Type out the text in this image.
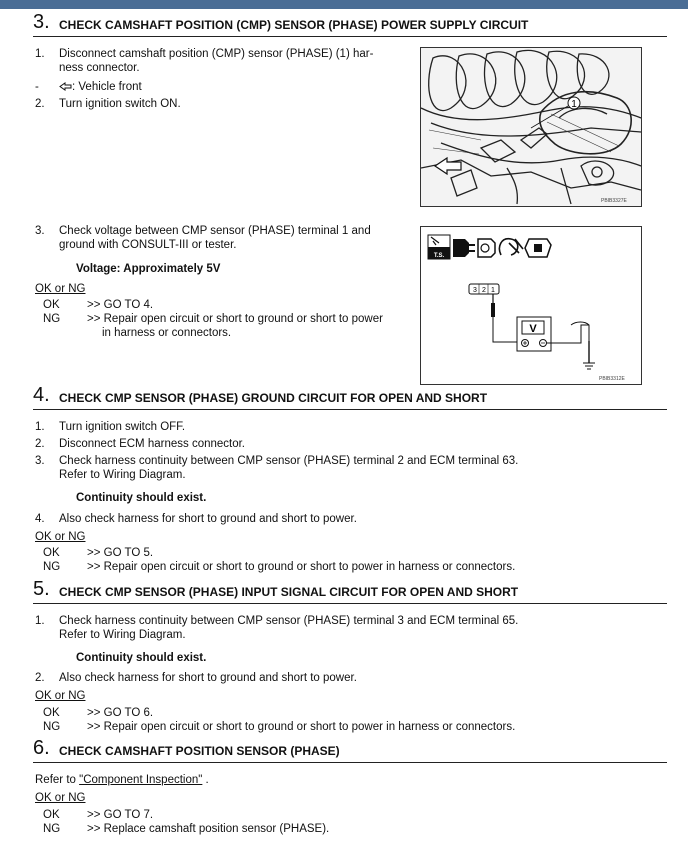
3. CHECK CAMSHAFT POSITION (CMP) SENSOR (PHASE) POWER SUPPLY CIRCUIT
1. Disconnect camshaft position (CMP) sensor (PHASE) (1) har-
ness connector.
-	: Vehicle front
2. Turn ignition switch ON.	1
PBIB3327E
3. Check voltage between CMP sensor (PHASE) terminal 1 and
ground with CONSULT-III or tester.
Voltage: Approximately 5V
OK or NG
OK >> GO TO 4.
NG >> Repair open circuit or short to ground or short to power
in harness or connectors.
T.S.
3 2 1
V
PBIB3312E
4. CHECK CMP SENSOR (PHASE) GROUND CIRCUIT FOR OPEN AND SHORT
1. Turn ignition switch OFF.
2. Disconnect ECM harness connector.
3. Check harness continuity between CMP sensor (PHASE) terminal 2 and ECM terminal 63.
Refer to Wiring Diagram.
Continuity should exist.
4. Also check harness for short to ground and short to power.
OK or NG
OK >> GO TO 5.
NG >> Repair open circuit or short to ground or short to power in harness or connectors.
5. CHECK CMP SENSOR (PHASE) INPUT SIGNAL CIRCUIT FOR OPEN AND SHORT
1. Check harness continuity between CMP sensor (PHASE) terminal 3 and ECM terminal 65.
Refer to Wiring Diagram.
Continuity should exist.
2. Also check harness for short to ground and short to power.
OK or NG
OK >> GO TO 6.
NG >> Repair open circuit or short to ground or short to power in harness or connectors.
6. CHECK CAMSHAFT POSITION SENSOR (PHASE)
Refer to "Component Inspection" .
OK or NG
OK >> GO TO 7.
NG >> Replace camshaft position sensor (PHASE).
